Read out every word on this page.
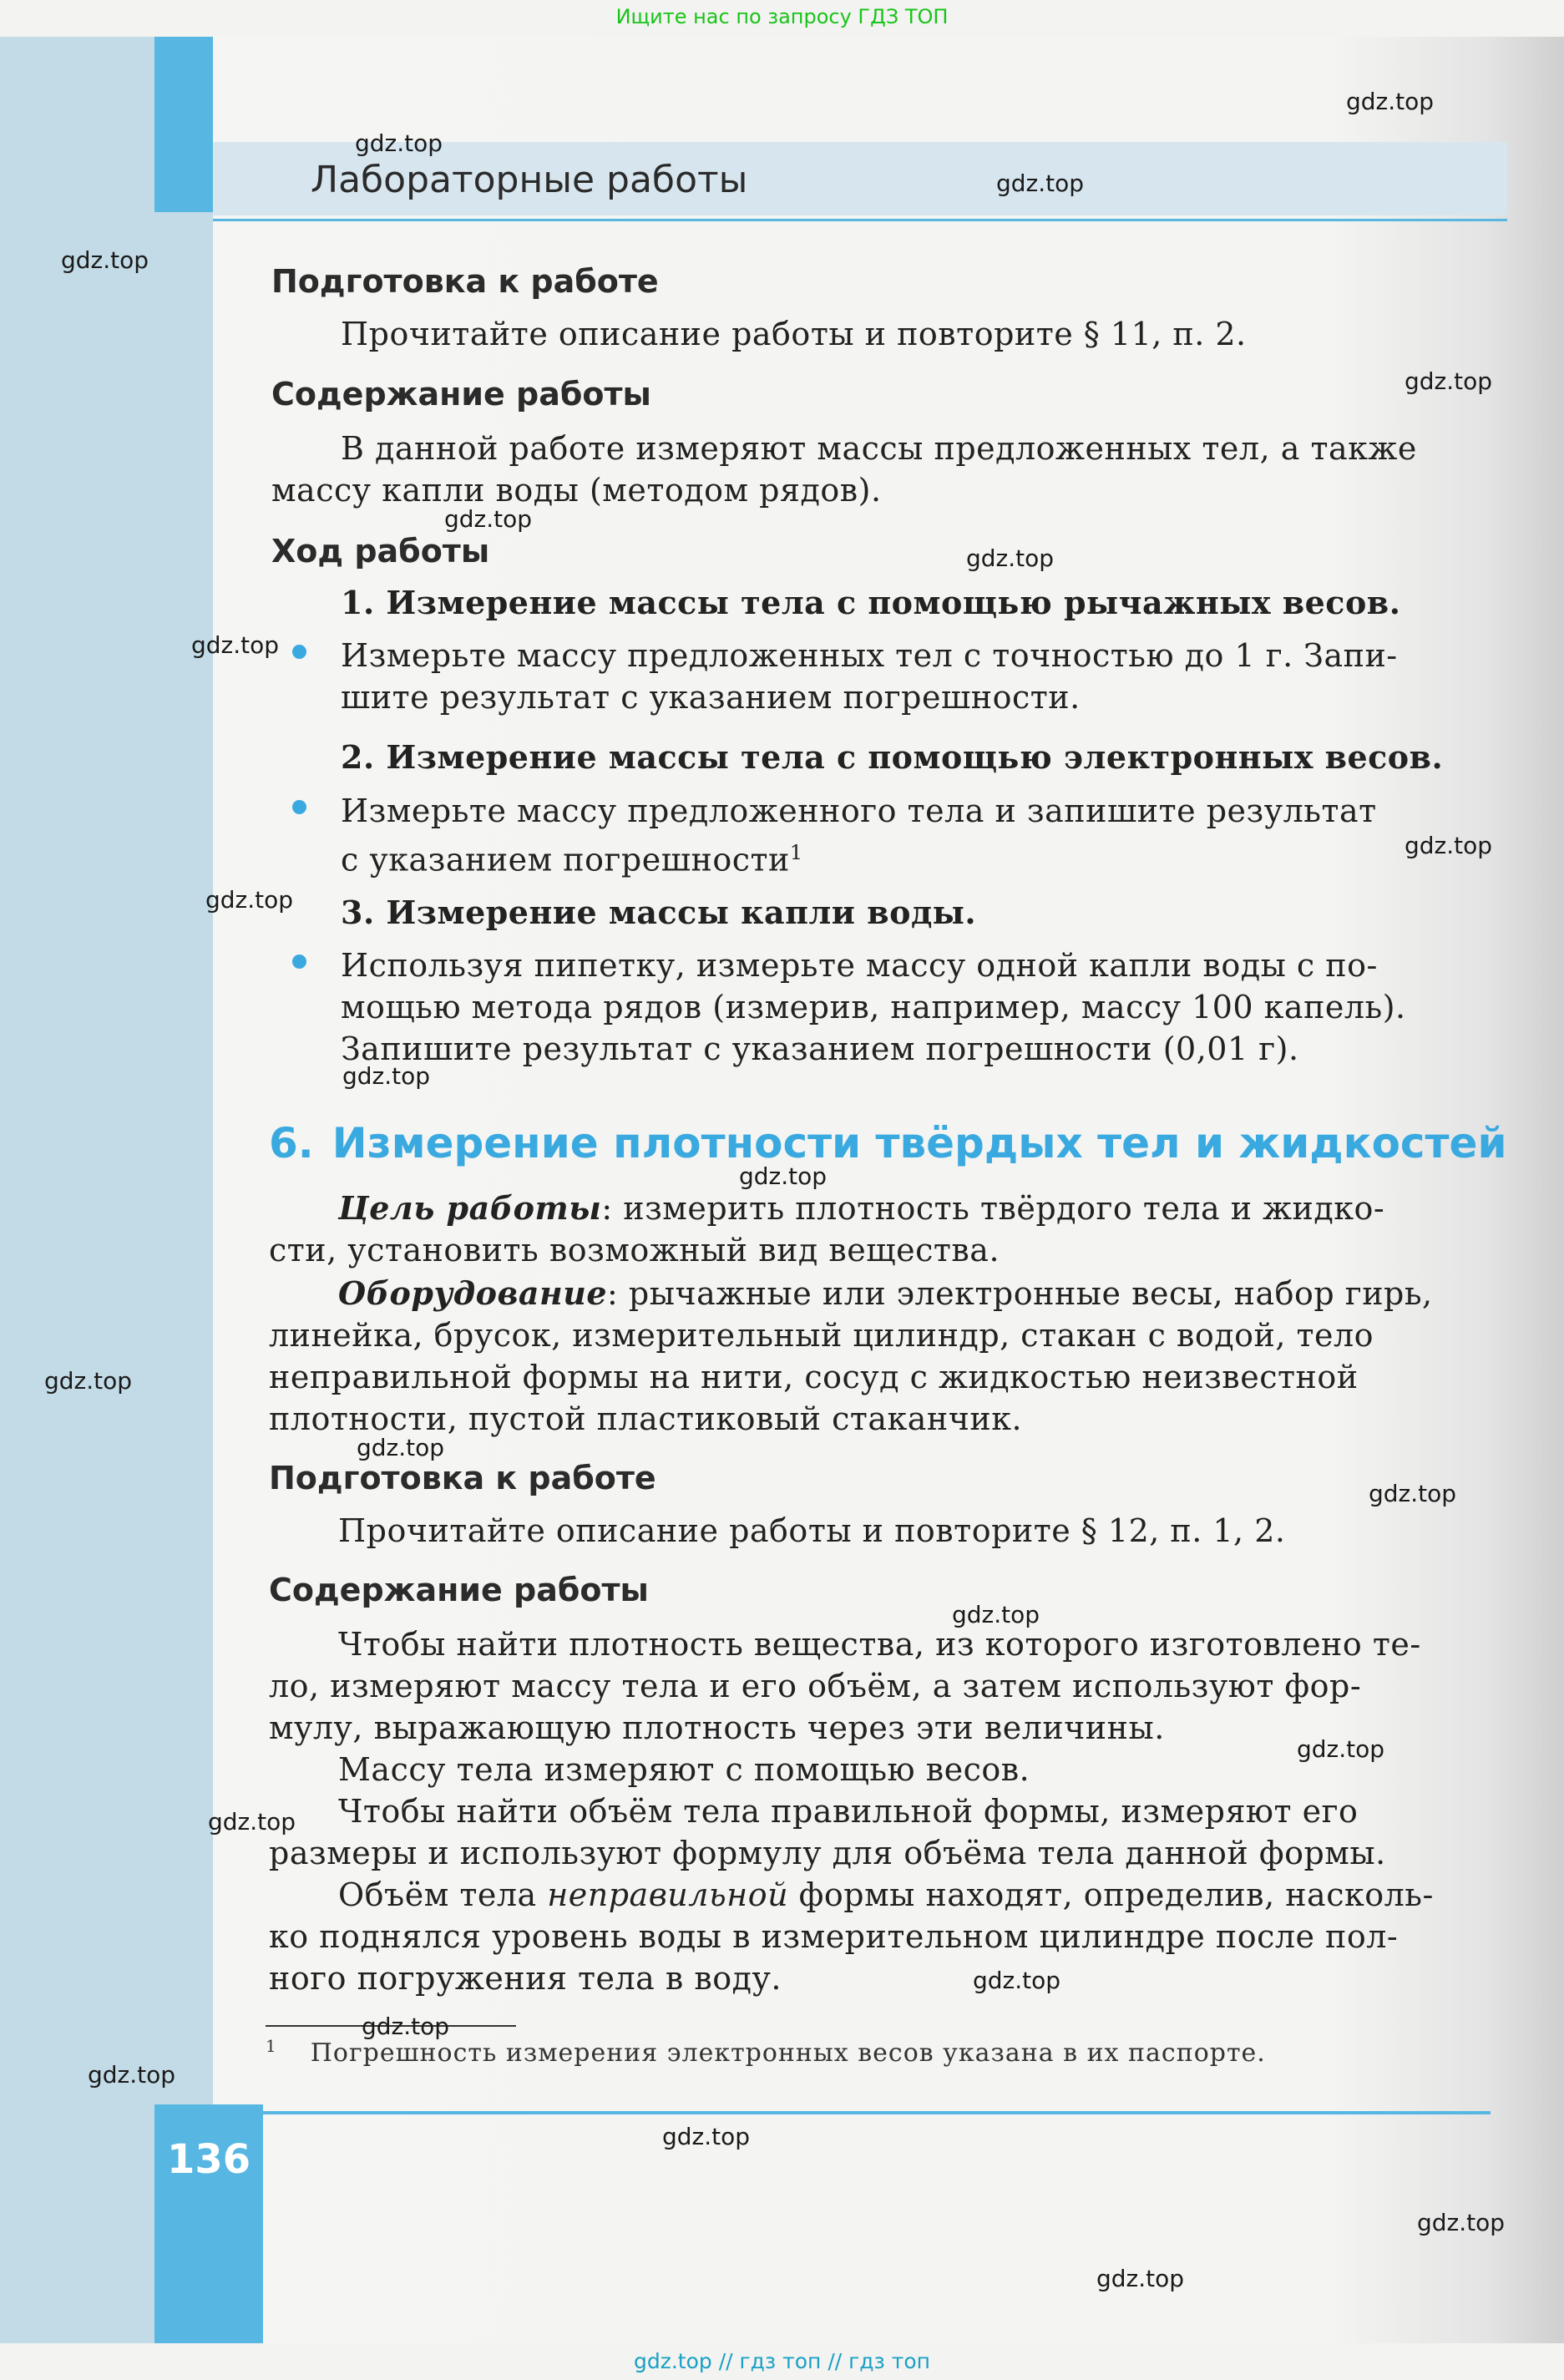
Ищите нас по запросу ГДЗ ТОП
Лабораторные работы
Подготовка к работе
Прочитайте описание работы и повторите § 11, п. 2.
Содержание работы
В данной работе измеряют массы предложенных тел, а также
массу капли воды (методом рядов).
Ход работы
1. Измерение массы тела с помощью рычажных весов.
Измерьте массу предложенных тел с точностью до 1 г. Запи-
шите результат с указанием погрешности.
2. Измерение массы тела с помощью электронных весов.
Измерьте массу предложенного тела и запишите результат
с указанием погрешности$^1$
3. Измерение массы капли воды.
Используя пипетку, измерьте массу одной капли воды с по-
мощью метода рядов (измерив, например, массу 100 капель).
Запишите результат с указанием погрешности (0,01 г).
6. Измерение плотности твёрдых тел и жидкостей
Цель работы: измерить плотность твёрдого тела и жидко-
сти, установить возможный вид вещества.
Оборудование: рычажные или электронные весы, набор гирь,
линейка, брусок, измерительный цилиндр, стакан с водой, тело
неправильной формы на нити, сосуд с жидкостью неизвестной
плотности, пустой пластиковый стаканчик.
Подготовка к работе
Прочитайте описание работы и повторите § 12, п. 1, 2.
Содержание работы
Чтобы найти плотность вещества, из которого изготовлено те-
ло, измеряют массу тела и его объём, а затем используют фор-
мулу, выражающую плотность через эти величины.
Массу тела измеряют с помощью весов.
Чтобы найти объём тела правильной формы, измеряют его
размеры и используют формулу для объёма тела данной формы.
Объём тела неправильной формы находят, определив, насколь-
ко поднялся уровень воды в измерительном цилиндре после пол-
ного погружения тела в воду.
$^1$ Погрешность измерения электронных весов указана в их паспорте.
136
gdz.top
gdz.top
gdz.top
gdz.top
gdz.top
gdz.top
gdz.top
gdz.top
gdz.top
gdz.top
gdz.top
gdz.top
gdz.top
gdz.top
gdz.top
gdz.top
gdz.top
gdz.top
gdz.top
gdz.top
gdz.top
gdz.top
gdz.top
gdz.top
gdz.top // гдз топ // гдз топ
